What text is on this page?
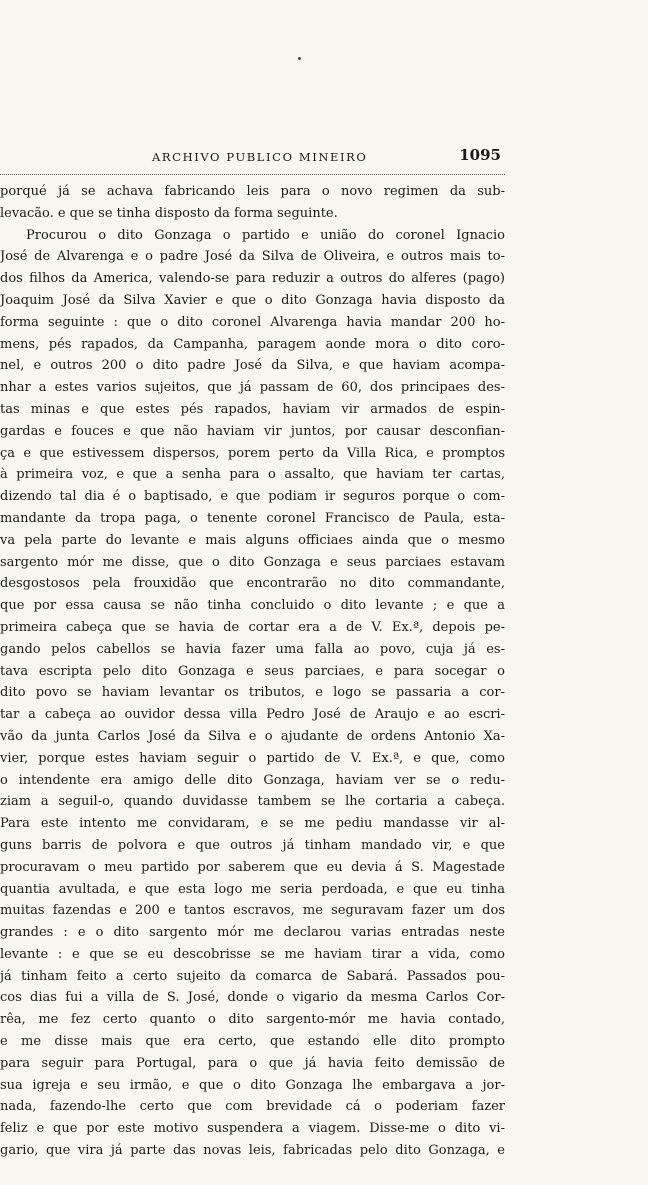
ARCHIVO PUBLICO MINEIRO	1095
porqué já se achava fabricando leis para o novo regimen da sub-
levacão. e que se tinha disposto da forma seguinte.
Procurou o dito Gonzaga o partido e união do coronel Ignacio
José de Alvarenga e o padre José da Silva de Oliveira, e outros mais to-
dos filhos da America, valendo-se para reduzir a outros do alferes (pago)
Joaquim José da Silva Xavier e que o dito Gonzaga havia disposto da
forma seguinte : que o dito coronel Alvarenga havia mandar 200 ho-
mens, pés rapados, da Campanha, paragem aonde mora o dito coro-
nel, e outros 200 o dito padre José da Silva, e que haviam acompa-
nhar a estes varios sujeitos, que já passam de 60, dos principaes des-
tas minas e que estes pés rapados, haviam vir armados de espin-
gardas e fouces e que não haviam vir juntos, por causar desconfian-
ça e que estivessem dispersos, porem perto da Villa Rica, e promptos
à primeira voz, e que a senha para o assalto, que haviam ter cartas,
dizendo tal dia é o baptisado, e que podiam ir seguros porque o com-
mandante da tropa paga, o tenente coronel Francisco de Paula, esta-
va pela parte do levante e mais alguns officiaes ainda que o mesmo
sargento mór me disse, que o dito Gonzaga e seus parciaes estavam
desgostosos pela frouxidão que encontrarão no dito commandante,
que por essa causa se não tinha concluido o dito levante ; e que a
primeira cabeça que se havia de cortar era a de V. Ex.ª, depois pe-
gando pelos cabellos se havia fazer uma falla ao povo, cuja já es-
tava escripta pelo dito Gonzaga e seus parciaes, e para socegar o
dito povo se haviam levantar os tributos, e logo se passaria a cor-
tar a cabeça ao ouvidor dessa villa Pedro José de Araujo e ao escri-
vão da junta Carlos José da Silva e o ajudante de ordens Antonio Xa-
vier, porque estes haviam seguir o partido de V. Ex.ª, e que, como
o intendente era amigo delle dito Gonzaga, haviam ver se o redu-
ziam a seguil-o, quando duvidasse tambem se lhe cortaria a cabeça.
Para este intento me convidaram, e se me pediu mandasse vir al-
guns barris de polvora e que outros já tinham mandado vir, e que
procuravam o meu partido por saberem que eu devia á S. Magestade
quantia avultada, e que esta logo me seria perdoada, e que eu tinha
muitas fazendas e 200 e tantos escravos, me seguravam fazer um dos
grandes : e o dito sargento mór me declarou varias entradas neste
levante : e que se eu descobrisse se me haviam tirar a vida, como
já tinham feito a certo sujeito da comarca de Sabará. Passados pou-
cos dias fui a villa de S. José, donde o vigario da mesma Carlos Cor-
rêa, me fez certo quanto o dito sargento-mór me havia contado,
e me disse mais que era certo, que estando elle dito prompto
para seguir para Portugal, para o que já havia feito demissão de
sua igreja e seu irmão, e que o dito Gonzaga lhe embargava a jor-
nada, fazendo-lhe certo que com brevidade cá o poderiam fazer
feliz e que por este motivo suspendera a viagem. Disse-me o dito vi-
gario, que vira já parte das novas leis, fabricadas pelo dito Gonzaga, e
